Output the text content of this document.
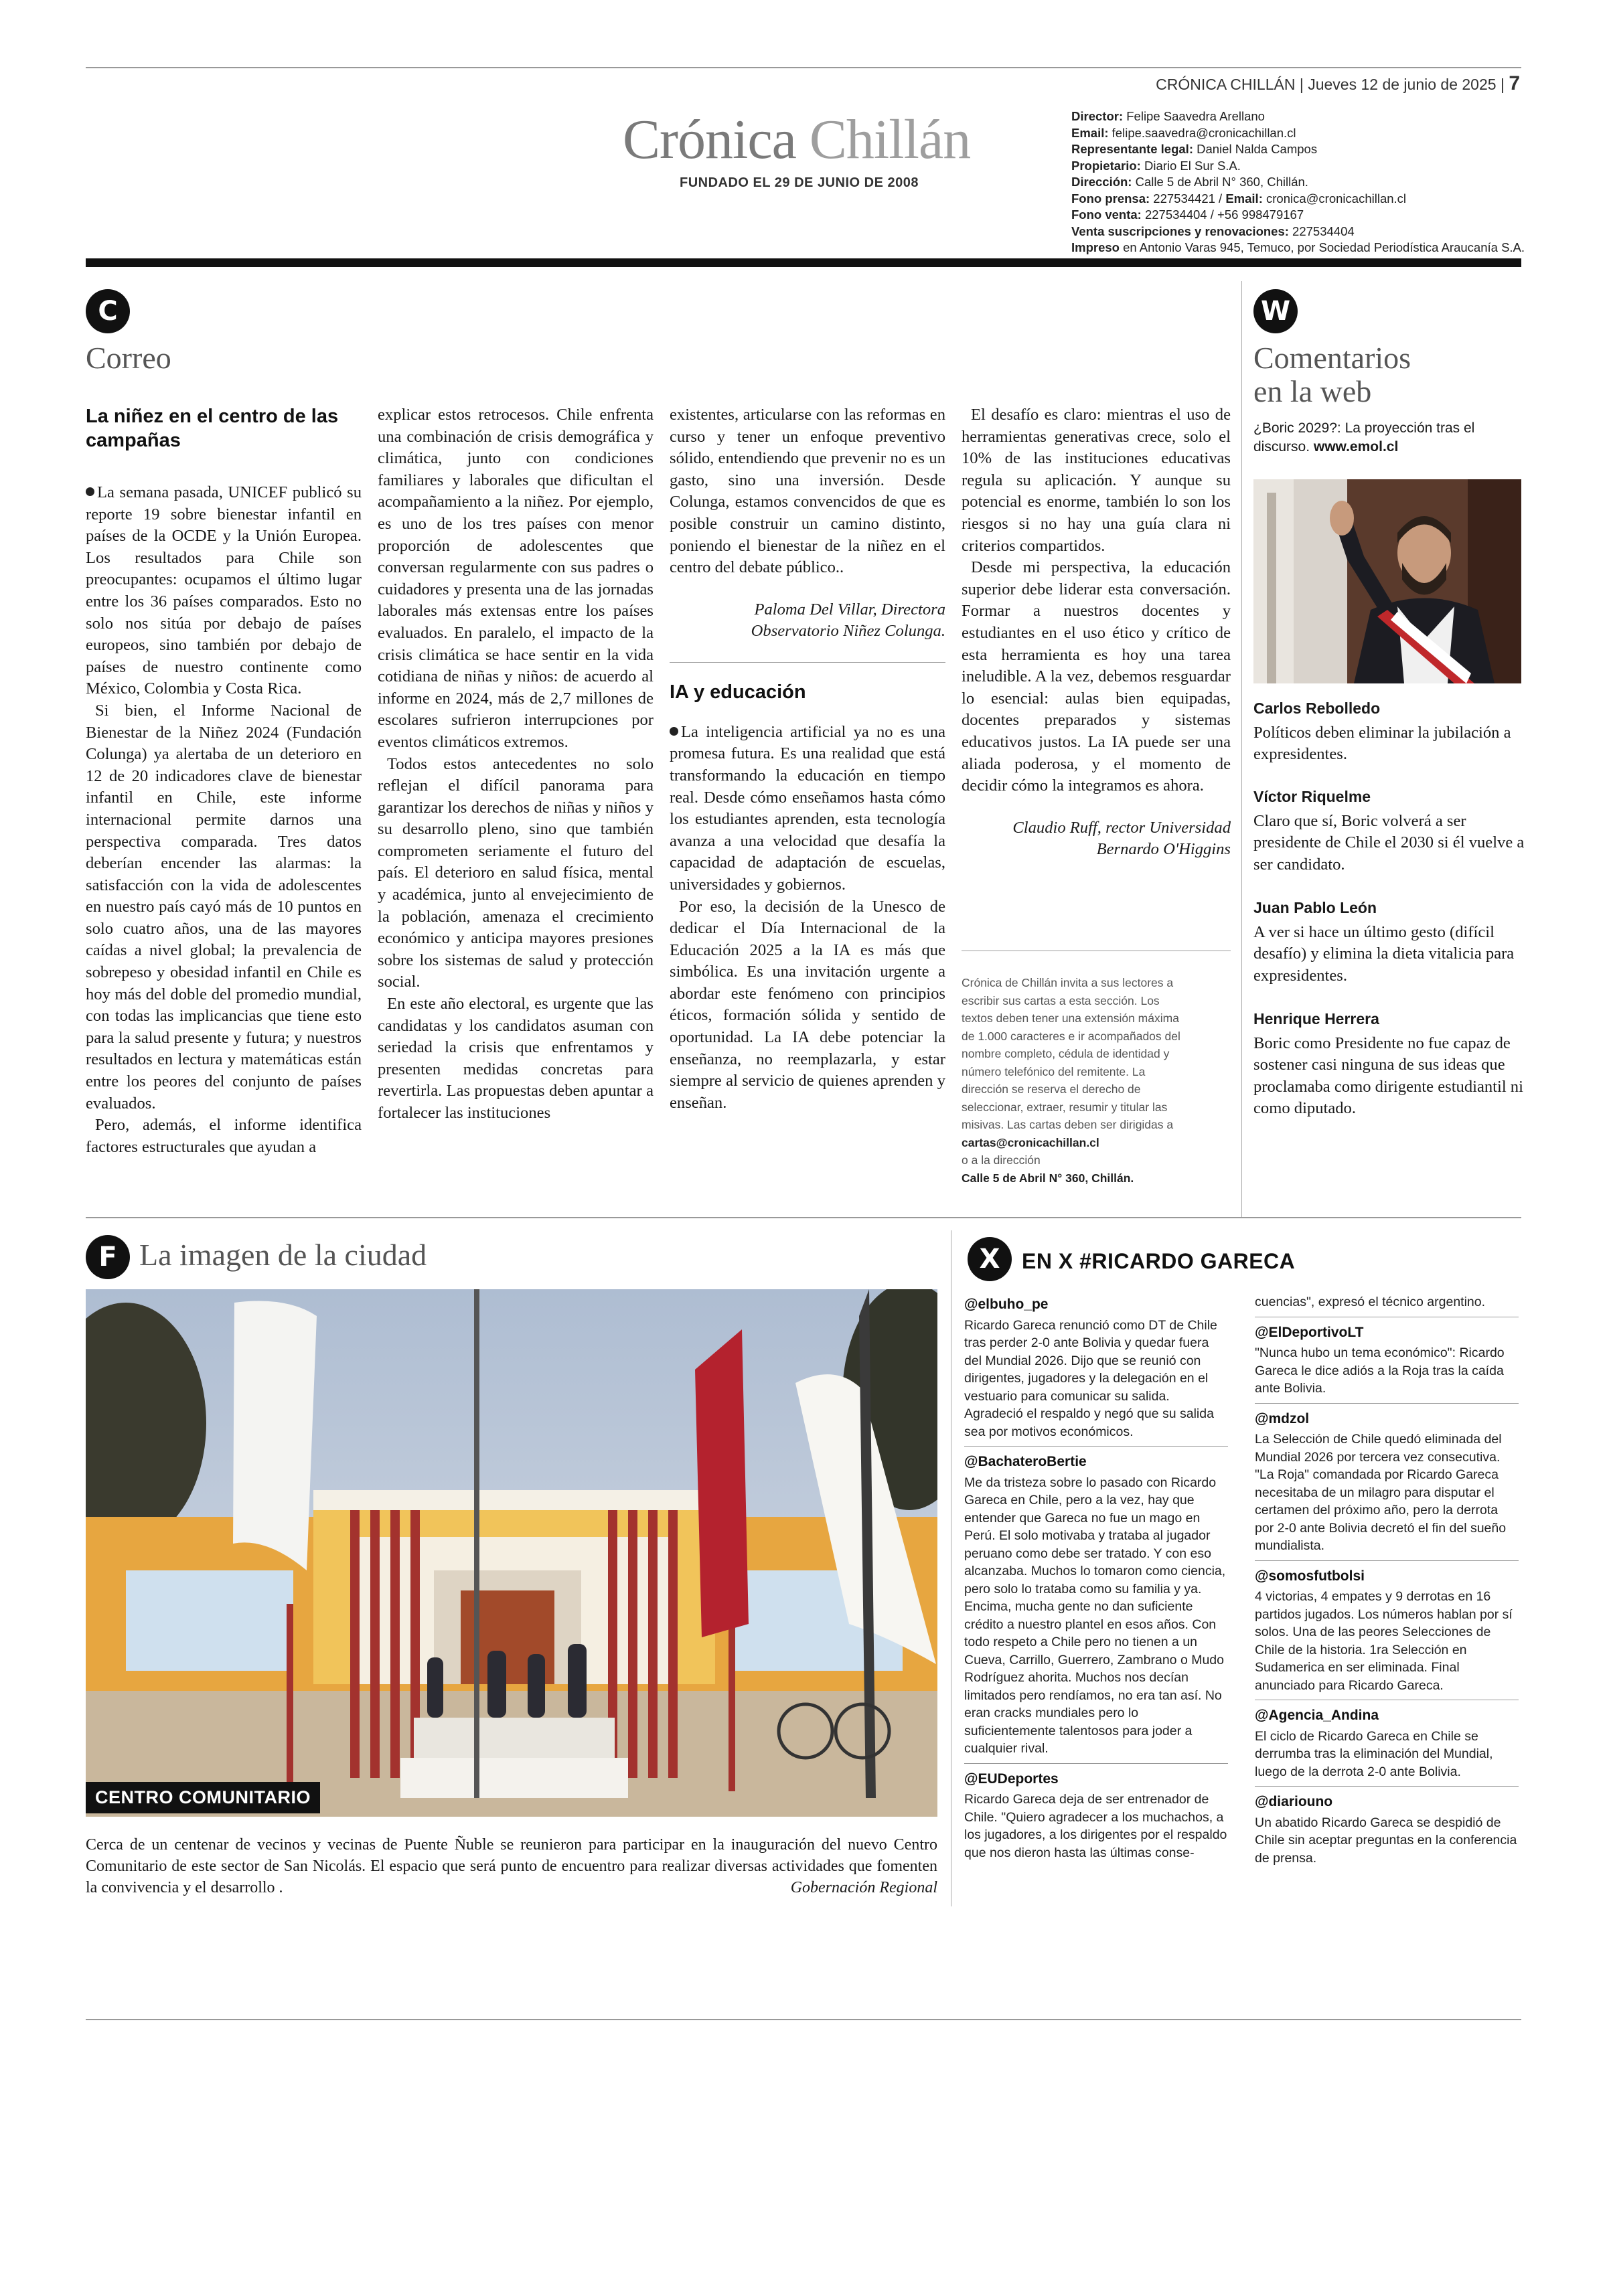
CRÓNICA CHILLÁN | Jueves 12 de junio de 2025 | 7
Crónica Chillán
FUNDADO EL 29 DE JUNIO DE 2008
Director: Felipe Saavedra Arellano
Email: felipe.saavedra@cronicachillan.cl
Representante legal: Daniel Nalda Campos
Propietario: Diario El Sur S.A.
Dirección: Calle 5 de Abril N° 360, Chillán.
Fono prensa: 227534421 / Email: cronica@cronicachillan.cl
Fono venta: 227534404 / +56 998479167
Venta suscripciones y renovaciones: 227534404
Impreso en Antonio Varas 945, Temuco, por Sociedad Periodística Araucanía S.A.
C
Correo
La niñez en el centro de las campañas

La semana pasada, UNICEF publicó su reporte 19 sobre bienestar infantil en países de la OCDE y la Unión Europea. Los resultados para Chile son preocupantes: ocupamos el último lugar entre los 36 países comparados. Esto no solo nos sitúa por debajo de países europeos, sino también por debajo de países de nuestro continente como México, Colombia y Costa Rica.

Si bien, el Informe Nacional de Bienestar de la Niñez 2024 (Fundación Colunga) ya alertaba de un deterioro en 12 de 20 indicadores clave de bienestar infantil en Chile, este informe internacional permite darnos una perspectiva comparada. Tres datos deberían encender las alarmas: la satisfacción con la vida de adolescentes en nuestro país cayó más de 10 puntos en solo cuatro años, una de las mayores caídas a nivel global; la prevalencia de sobrepeso y obesidad infantil en Chile es hoy más del doble del promedio mundial, con todas las implicancias que tiene esto para la salud presente y futura; y nuestros resultados en lectura y matemáticas están entre los peores del conjunto de países evaluados.

Pero, además, el informe identifica factores estructurales que ayudan a

explicar estos retrocesos. Chile enfrenta una combinación de crisis demográfica y climática, junto con condiciones familiares y laborales que dificultan el acompañamiento a la niñez. Por ejemplo, es uno de los tres países con menor proporción de adolescentes que conversan regularmente con sus padres o cuidadores y presenta una de las jornadas laborales más extensas entre los países evaluados. En paralelo, el impacto de la crisis climática se hace sentir en la vida cotidiana de niñas y niños: de acuerdo al informe en 2024, más de 2,7 millones de escolares sufrieron interrupciones por eventos climáticos extremos.

Todos estos antecedentes no solo reflejan el difícil panorama para garantizar los derechos de niñas y niños y su desarrollo pleno, sino que también comprometen seriamente el futuro del país. El deterioro en salud física, mental y académica, junto al envejecimiento de la población, amenaza el crecimiento económico y anticipa mayores presiones sobre los sistemas de salud y protección social.

En este año electoral, es urgente que las candidatas y los candidatos asuman con seriedad la crisis que enfrentamos y presenten medidas concretas para revertirla. Las propuestas deben apuntar a fortalecer las instituciones

existentes, articularse con las reformas en curso y tener un enfoque preventivo sólido, entendiendo que prevenir no es un gasto, sino una inversión. Desde Colunga, estamos convencidos de que es posible construir un camino distinto, poniendo el bienestar de la niñez en el centro del debate público..

Paloma Del Villar, Directora
Observatorio Niñez Colunga.
IA y educación

La inteligencia artificial ya no es una promesa futura. Es una realidad que está transformando la educación en tiempo real. Desde cómo enseñamos hasta cómo los estudiantes aprenden, esta tecnología avanza a una velocidad que desafía la capacidad de adaptación de escuelas, universidades y gobiernos.

Por eso, la decisión de la Unesco de dedicar el Día Internacional de la Educación 2025 a la IA es más que simbólica. Es una invitación urgente a abordar este fenómeno con principios éticos, formación sólida y sentido de oportunidad. La IA debe potenciar la enseñanza, no reemplazarla, y estar siempre al servicio de quienes aprenden y enseñan.

El desafío es claro: mientras el uso de herramientas generativas crece, solo el 10% de las instituciones educativas regula su aplicación. Y aunque su potencial es enorme, también lo son los riesgos si no hay una guía clara ni criterios compartidos.

Desde mi perspectiva, la educación superior debe liderar esta conversación. Formar a nuestros docentes y estudiantes en el uso ético y crítico de esta herramienta es hoy una tarea ineludible. A la vez, debemos resguardar lo esencial: aulas bien equipadas, docentes preparados y sistemas educativos justos. La IA puede ser una aliada poderosa, y el momento de decidir cómo la integramos es ahora.

Claudio Ruff, rector Universidad
Bernardo O'Higgins
Crónica de Chillán invita a sus lectores a escribir sus cartas a esta sección. Los textos deben tener una extensión máxima de 1.000 caracteres e ir acompañados del nombre completo, cédula de identidad y número telefónico del remitente. La dirección se reserva el derecho de seleccionar, extraer, resumir y titular las misivas. Las cartas deben ser dirigidas a
cartas@cronicachillan.cl
o a la dirección
Calle 5 de Abril N° 360, Chillán.
W
Comentarios
en la web
¿Boric 2029?: La proyección tras el discurso. www.emol.cl
Carlos Rebolledo
Políticos deben eliminar la jubilación a expresidentes.
Víctor Riquelme
Claro que sí, Boric volverá a ser presidente de Chile el 2030 si él vuelve a ser candidato.
Juan Pablo León
A ver si hace un último gesto (difícil desafío) y elimina la dieta vitalicia para expresidentes.
Henrique Herrera
Boric como Presidente no fue capaz de sostener casi ninguna de sus ideas que proclamaba como dirigente estudiantil ni como diputado.
F La imagen de la ciudad
CENTRO COMUNITARIO
Cerca de un centenar de vecinos y vecinas de Puente Ñuble se reunieron para participar en la inauguración del nuevo Centro Comunitario de este sector de San Nicolás. El espacio que será punto de encuentro para realizar diversas actividades que fomenten la convivencia y el desarrollo .	Gobernación Regional
X	EN X #RICARDO GARECA
@elbuho_pe
Ricardo Gareca renunció como DT de Chile tras perder 2-0 ante Bolivia y quedar fuera del Mundial 2026. Dijo que se reunió con dirigentes, jugadores y la delegación en el vestuario para comunicar su salida. Agradeció el respaldo y negó que su salida sea por motivos económicos.
@BachateroBertie
Me da tristeza sobre lo pasado con Ricardo Gareca en Chile, pero a la vez, hay que entender que Gareca no fue un mago en Perú. El solo motivaba y trataba al jugador peruano como debe ser tratado. Y con eso alcanzaba. Muchos lo tomaron como ciencia, pero solo lo trataba como su familia y ya. Encima, mucha gente no dan suficiente crédito a nuestro plantel en esos años. Con todo respeto a Chile pero no tienen a un Cueva, Carrillo, Guerrero, Zambrano o Mudo Rodríguez ahorita. Muchos nos decían limitados pero rendíamos, no era tan así. No eran cracks mundiales pero lo suficientemente talentosos para joder a cualquier rival.
@EUDeportes
Ricardo Gareca deja de ser entrenador de Chile. "Quiero agradecer a los muchachos, a los jugadores, a los dirigentes por el respaldo que nos dieron hasta las últimas conse-
cuencias", expresó el técnico argentino.
@ElDeportivoLT
"Nunca hubo un tema económico": Ricardo Gareca le dice adiós a la Roja tras la caída ante Bolivia.
@mdzol
La Selección de Chile quedó eliminada del Mundial 2026 por tercera vez consecutiva. "La Roja" comandada por Ricardo Gareca necesitaba de un milagro para disputar el certamen del próximo año, pero la derrota por 2-0 ante Bolivia decretó el fin del sueño mundialista.
@somosfutbolsi
4 victorias, 4 empates y 9 derrotas en 16 partidos jugados. Los números hablan por sí solos. Una de las peores Selecciones de Chile de la historia. 1ra Selección en Sudamerica en ser eliminada. Final anunciado para Ricardo Gareca.
@Agencia_Andina
El ciclo de Ricardo Gareca en Chile se derrumba tras la eliminación del Mundial, luego de la derrota 2-0 ante Bolivia.
@diariouno
Un abatido Ricardo Gareca se despidió de Chile sin aceptar preguntas en la conferencia de prensa.
